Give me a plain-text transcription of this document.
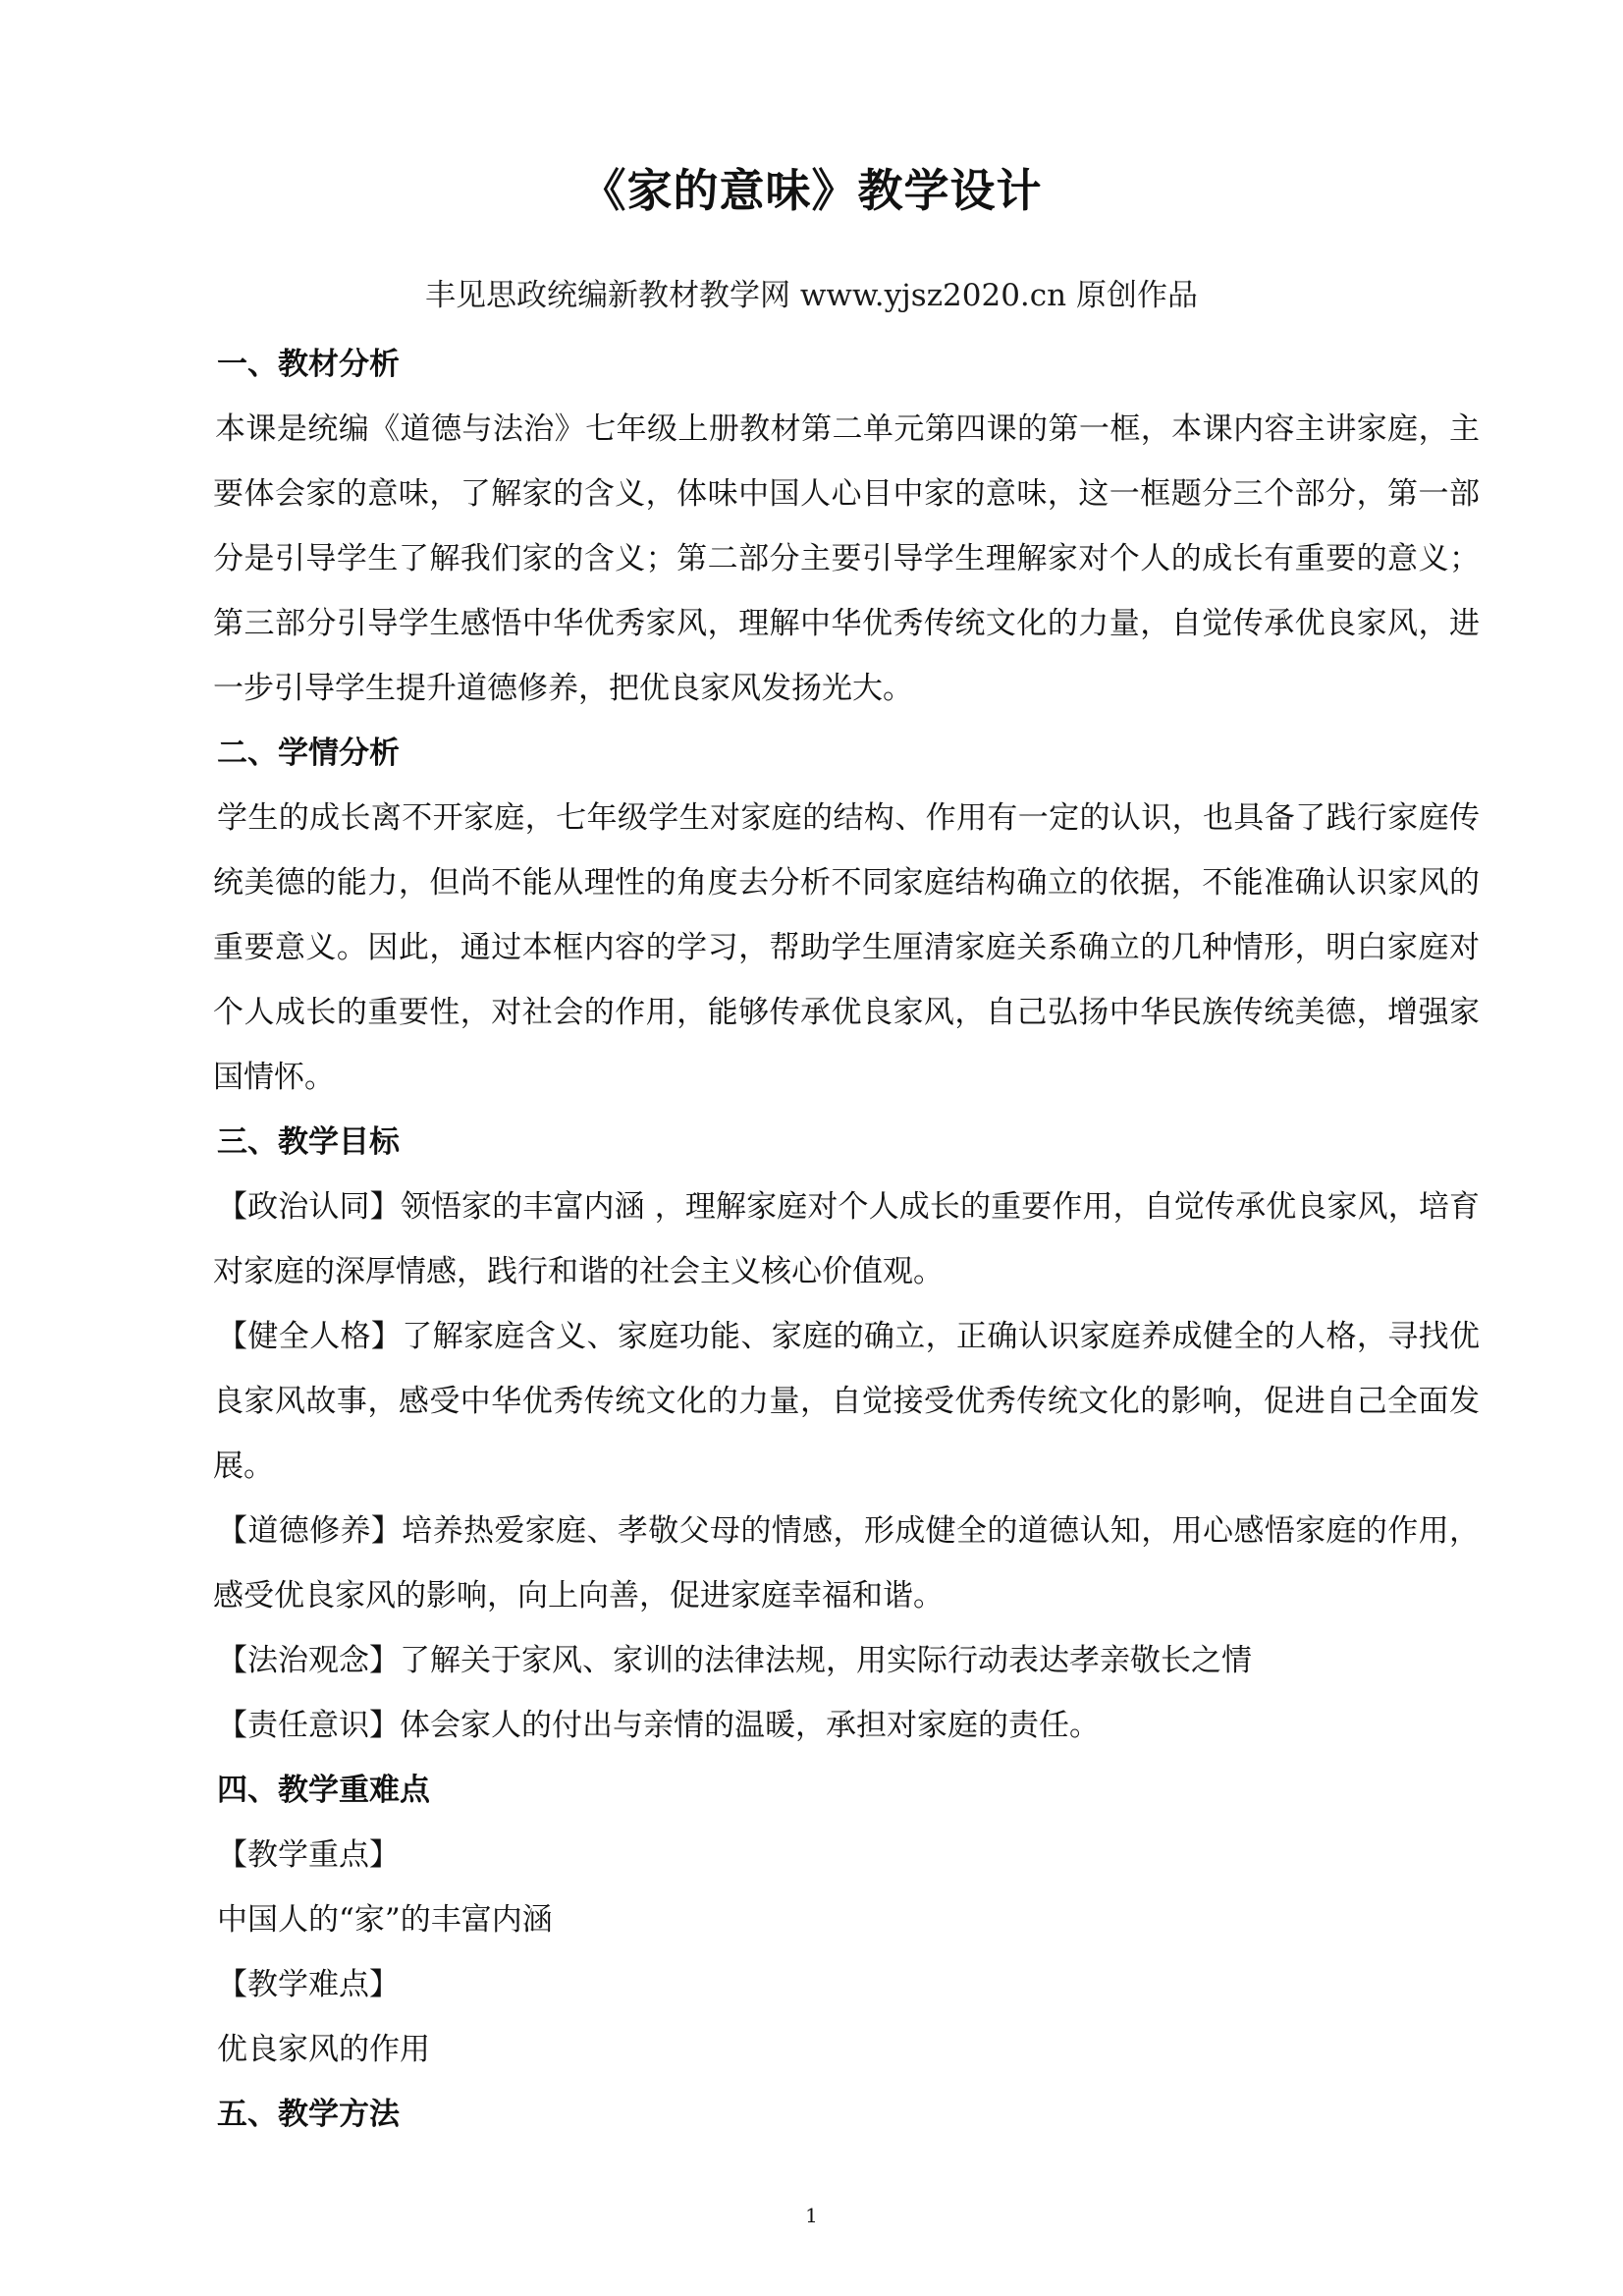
《家的意味》教学设计
丰见思政统编新教材教学网 www.yjsz2020.cn 原创作品
一、教材分析
本课是统编《道德与法治》七年级上册教材第二单元第四课的第一框，本课内容主讲家庭，主要体会家的意味，了解家的含义，体味中国人心目中家的意味，这一框题分三个部分，第一部分是引导学生了解我们家的含义；第二部分主要引导学生理解家对个人的成长有重要的意义；第三部分引导学生感悟中华优秀家风，理解中华优秀传统文化的力量，自觉传承优良家风，进一步引导学生提升道德修养，把优良家风发扬光大。
二、学情分析
学生的成长离不开家庭，七年级学生对家庭的结构、作用有一定的认识，也具备了践行家庭传统美德的能力，但尚不能从理性的角度去分析不同家庭结构确立的依据，不能准确认识家风的重要意义。因此，通过本框内容的学习，帮助学生厘清家庭关系确立的几种情形，明白家庭对个人成长的重要性，对社会的作用，能够传承优良家风，自己弘扬中华民族传统美德，增强家国情怀。
三、教学目标
【政治认同】领悟家的丰富内涵 ，理解家庭对个人成长的重要作用，自觉传承优良家风，培育对家庭的深厚情感，践行和谐的社会主义核心价值观。
【健全人格】了解家庭含义、家庭功能、家庭的确立，正确认识家庭养成健全的人格，寻找优良家风故事，感受中华优秀传统文化的力量，自觉接受优秀传统文化的影响，促进自己全面发展。
【道德修养】培养热爱家庭、孝敬父母的情感，形成健全的道德认知，用心感悟家庭的作用，感受优良家风的影响，向上向善，促进家庭幸福和谐。
【法治观念】了解关于家风、家训的法律法规，用实际行动表达孝亲敬长之情
【责任意识】体会家人的付出与亲情的温暖，承担对家庭的责任。
四、教学重难点
【教学重点】
中国人的“家”的丰富内涵
【教学难点】
优良家风的作用
五、教学方法
1
